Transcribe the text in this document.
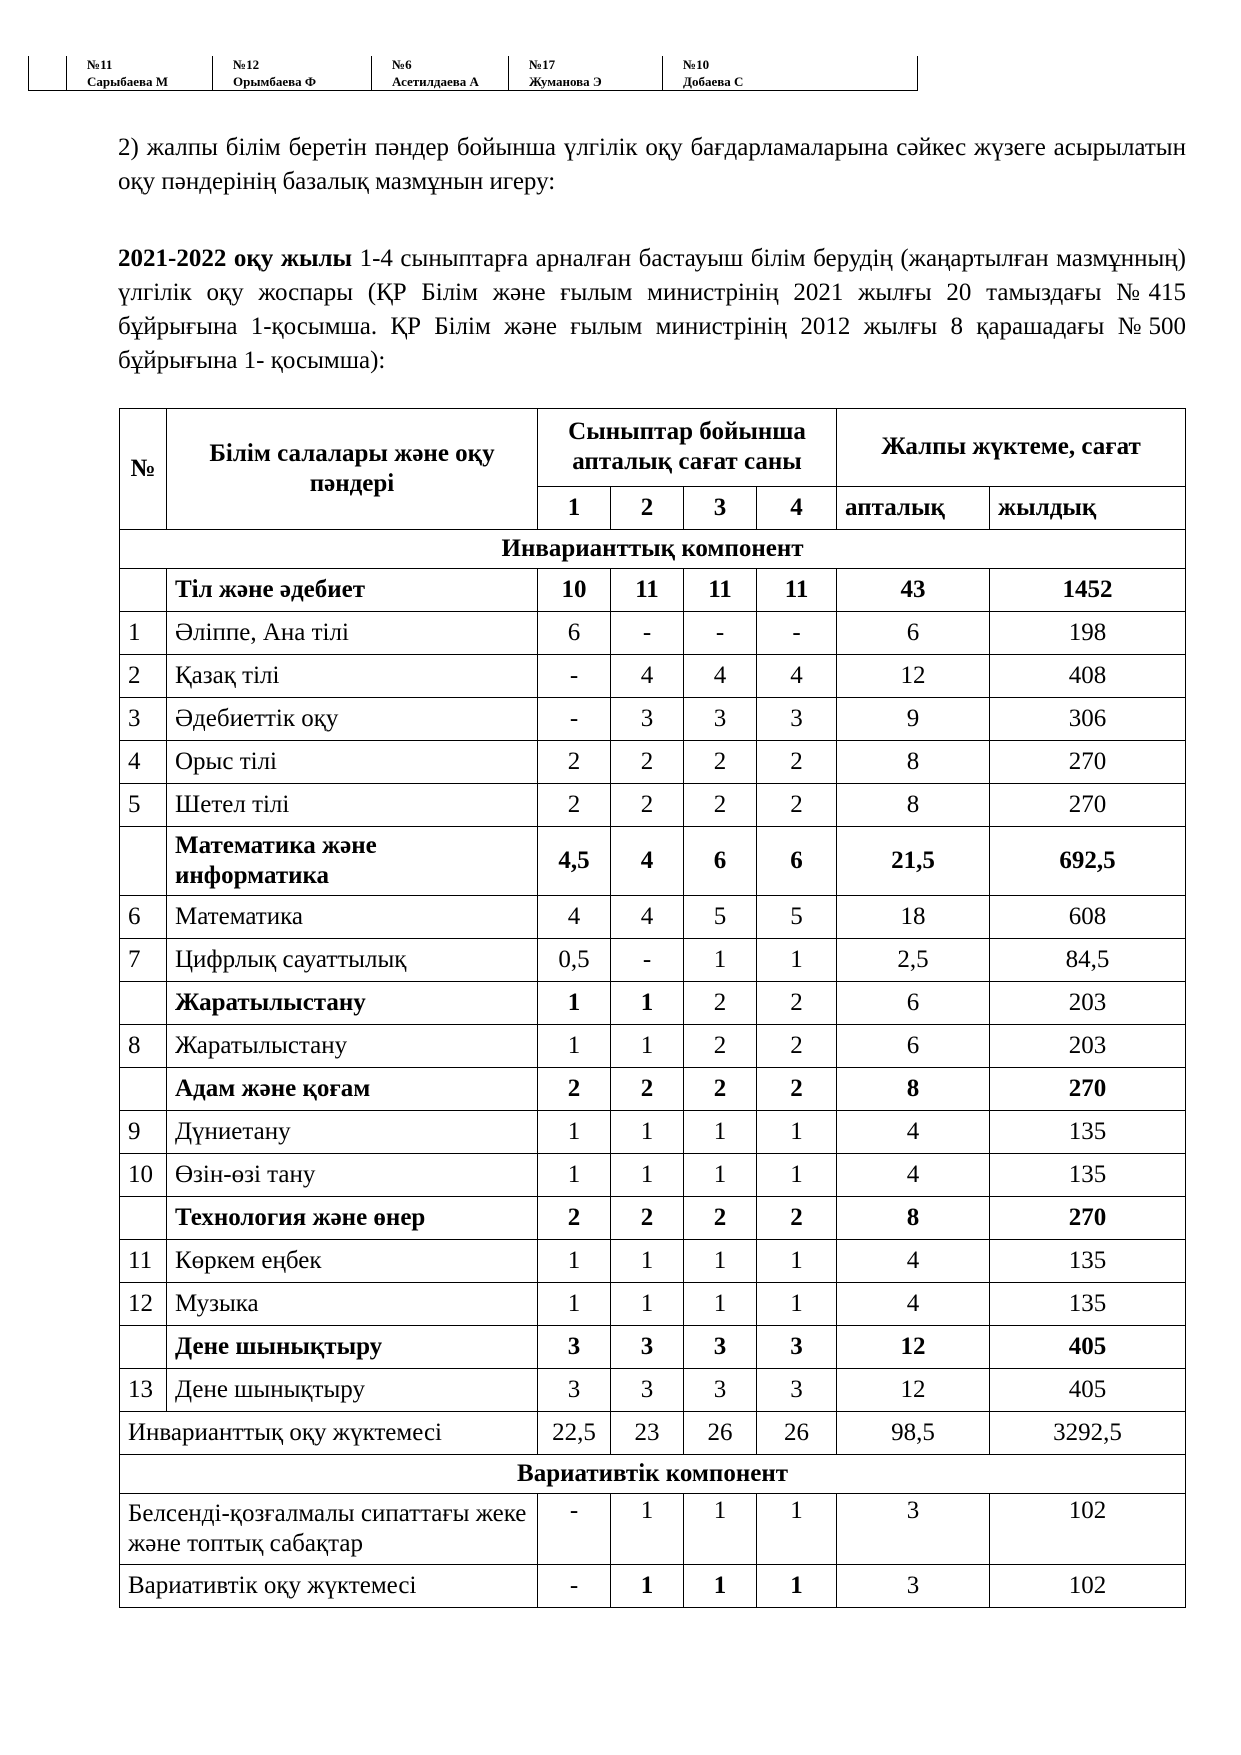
	№11	№12	№6	№17	№10
	Сарыбаева М	Орымбаева Ф	Асетилдаева А	Жуманова Э	Добаева С

2) жалпы білім беретін пәндер бойынша үлгілік оқу бағдарламаларына сәйкес жүзеге асырылатын оқу пәндерінің базалық мазмұнын игеру:

2021-2022 оқу жылы 1-4 сыныптарға арналған бастауыш білім берудің (жаңартылған мазмұнның) үлгілік оқу жоспары (ҚР Білім және ғылым министрінің 2021 жылғы 20 тамыздағы №415 бұйрығына 1-қосымша. ҚР Білім және ғылым министрінің 2012 жылғы 8 қарашадағы №500 бұйрығына 1- қосымша):

№	Білім салалары және оқу пәндері	Сыныптар бойынша апталық сағат саны				Жалпы жүктеме, сағат	
		1	2	3	4	апталық	жылдық
Инварианттық компонент							
	Тіл және әдебиет	10	11	11	11	43	1452
1	Әліппе, Ана тілі	6	-	-	-	6	198
2	Қазақ тілі	-	4	4	4	12	408
3	Әдебиеттік оқу	-	3	3	3	9	306
4	Орыс тілі	2	2	2	2	8	270
5	Шетел тілі	2	2	2	2	8	270
	Математика және информатика	4,5	4	6	6	21,5	692,5
6	Математика	4	4	5	5	18	608
7	Цифрлық сауаттылық	0,5	-	1	1	2,5	84,5
	Жаратылыстану	1	1	2	2	6	203
8	Жаратылыстану	1	1	2	2	6	203
	Адам және қоғам	2	2	2	2	8	270
9	Дүниетану	1	1	1	1	4	135
10	Өзін-өзі тану	1	1	1	1	4	135
	Технология және өнер	2	2	2	2	8	270
11	Көркем еңбек	1	1	1	1	4	135
12	Музыка	1	1	1	1	4	135
	Дене шынықтыру	3	3	3	3	12	405
13	Дене шынықтыру	3	3	3	3	12	405
Инварианттық оқу жүктемесі		22,5	23	26	26	98,5	3292,5
Вариативтік компонент							
Белсенді-қозғалмалы сипаттағы жеке және топтық сабақтар		-	1	1	1	3	102
Вариативтік оқу жүктемесі		-	1	1	1	3	102
